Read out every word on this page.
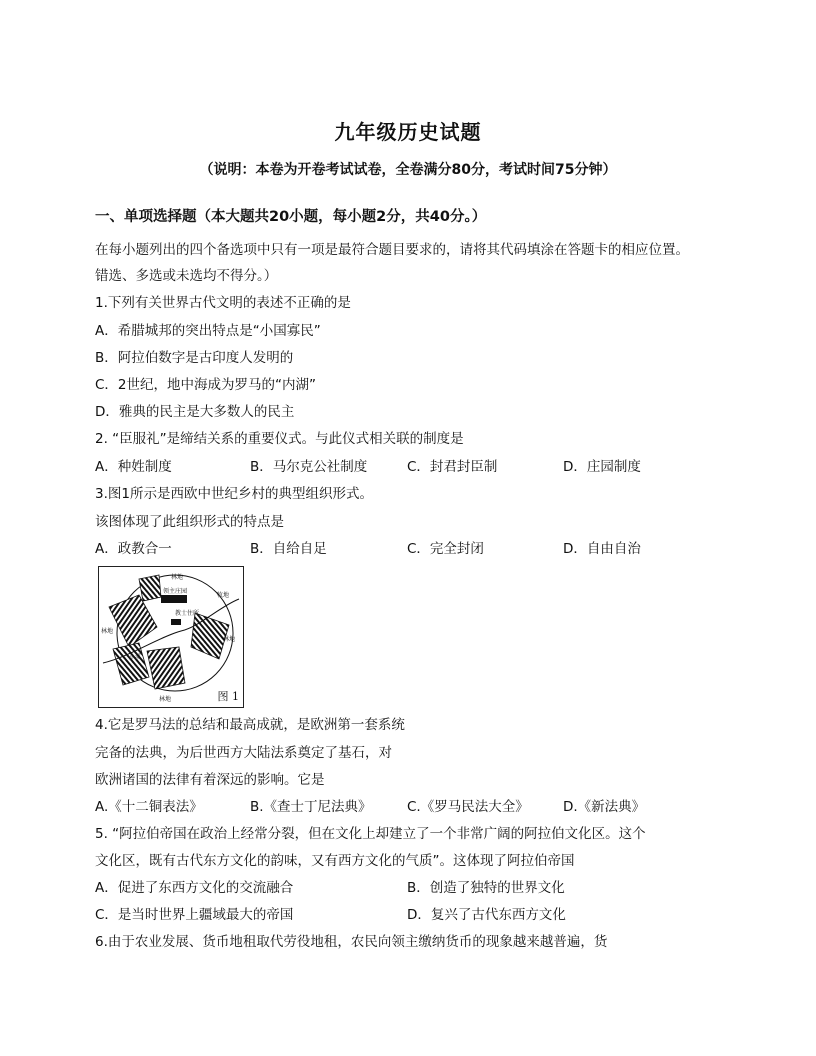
九年级历史试题
（说明：本卷为开卷考试试卷，全卷满分80分，考试时间75分钟）
一、单项选择题（本大题共20小题，每小题2分，共40分。）
在每小题列出的四个备选项中只有一项是最符合题目要求的，请将其代码填涂在答题卡的相应位置。
错选、多选或未选均不得分。）
1.下列有关世界古代文明的表述不正确的是
A．希腊城邦的突出特点是“小国寡民”
B．阿拉伯数字是古印度人发明的
C．2世纪，地中海成为罗马的“内湖”
D．雅典的民主是大多数人的民主
2. “臣服礼”是缔结关系的重要仪式。与此仪式相关联的制度是
A．种姓制度	B．马尔克公社制度	C．封君封臣制	D．庄园制度
3.图1所示是西欧中世纪乡村的典型组织形式。
该图体现了此组织形式的特点是
A．政教合一	B．自给自足	C．完全封闭	D．自由自治
林地
领主庄园
牧地
林地
教士住所
小溪
林地
林地	图 1
4.它是罗马法的总结和最高成就，是欧洲第一套系统
完备的法典，为后世西方大陆法系奠定了基石，对
欧洲诸国的法律有着深远的影响。它是
A.《十二铜表法》	B.《查士丁尼法典》	C.《罗马民法大全》	D.《新法典》
5. “阿拉伯帝国在政治上经常分裂，但在文化上却建立了一个非常广阔的阿拉伯文化区。这个
文化区，既有古代东方文化的韵味，又有西方文化的气质”。这体现了阿拉伯帝国
A．促进了东西方文化的交流融合	B．创造了独特的世界文化
C．是当时世界上疆域最大的帝国	D．复兴了古代东西方文化
6.由于农业发展、货币地租取代劳役地租，农民向领主缴纳货币的现象越来越普遍，货
